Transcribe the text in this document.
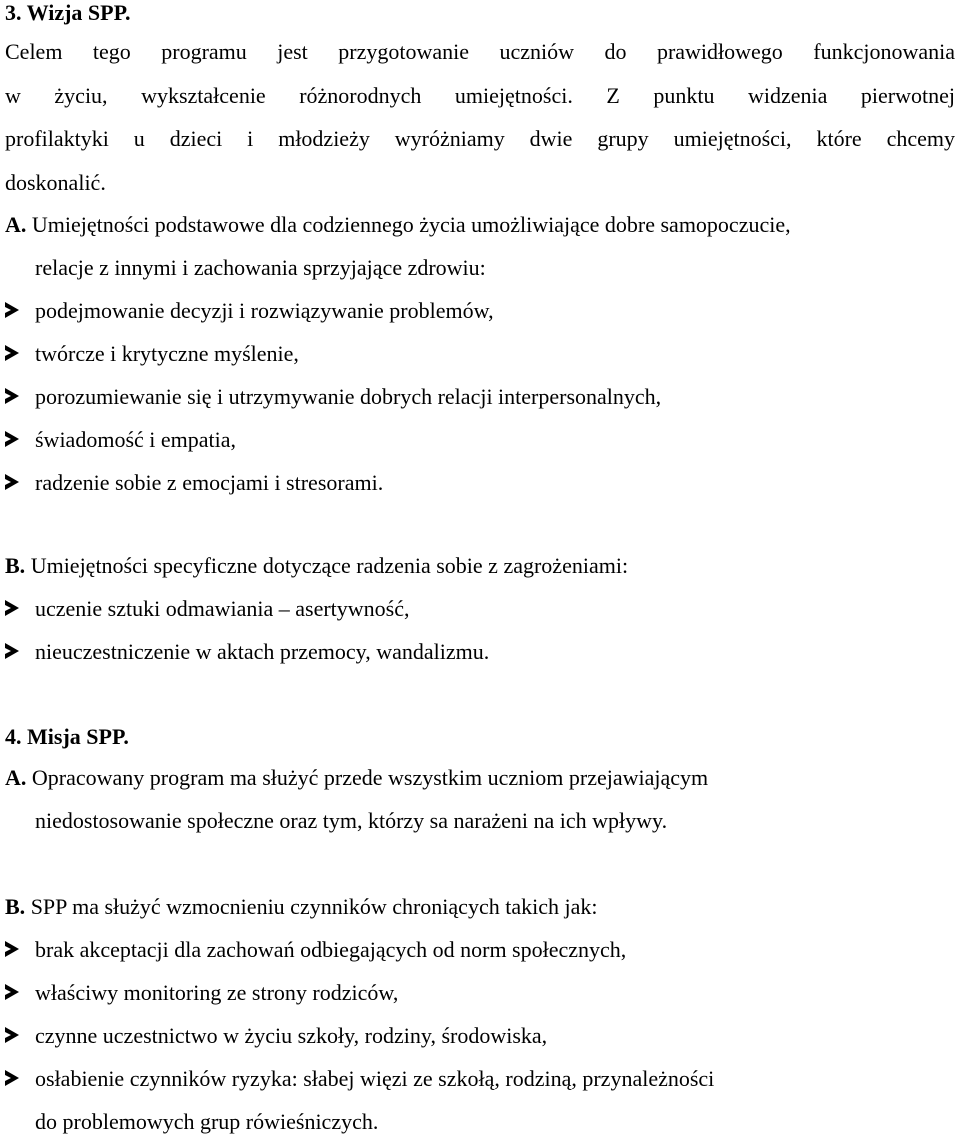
3. Wizja SPP.
Celem tego programu jest przygotowanie uczniów do prawidłowego funkcjonowania
w życiu, wykształcenie różnorodnych umiejętności. Z punktu widzenia pierwotnej
profilaktyki u dzieci i młodzieży wyróżniamy dwie grupy umiejętności, które chcemy
doskonalić.
A. Umiejętności podstawowe dla codziennego życia umożliwiające dobre samopoczucie,
relacje z innymi i zachowania sprzyjające zdrowiu:
podejmowanie decyzji i rozwiązywanie problemów,
twórcze i krytyczne myślenie,
porozumiewanie się i utrzymywanie dobrych relacji interpersonalnych,
świadomość i empatia,
radzenie sobie z emocjami i stresorami.
B. Umiejętności specyficzne dotyczące radzenia sobie z zagrożeniami:
uczenie sztuki odmawiania – asertywność,
nieuczestniczenie w aktach przemocy, wandalizmu.
4. Misja SPP.
A. Opracowany program ma służyć przede wszystkim uczniom przejawiającym
niedostosowanie społeczne oraz tym, którzy sa narażeni na ich wpływy.
B. SPP ma służyć wzmocnieniu czynników chroniących takich jak:
brak akceptacji dla zachowań odbiegających od norm społecznych,
właściwy monitoring ze strony rodziców,
czynne uczestnictwo w życiu szkoły, rodziny, środowiska,
osłabienie czynników ryzyka: słabej więzi ze szkołą, rodziną, przynależności
do problemowych grup rówieśniczych.
